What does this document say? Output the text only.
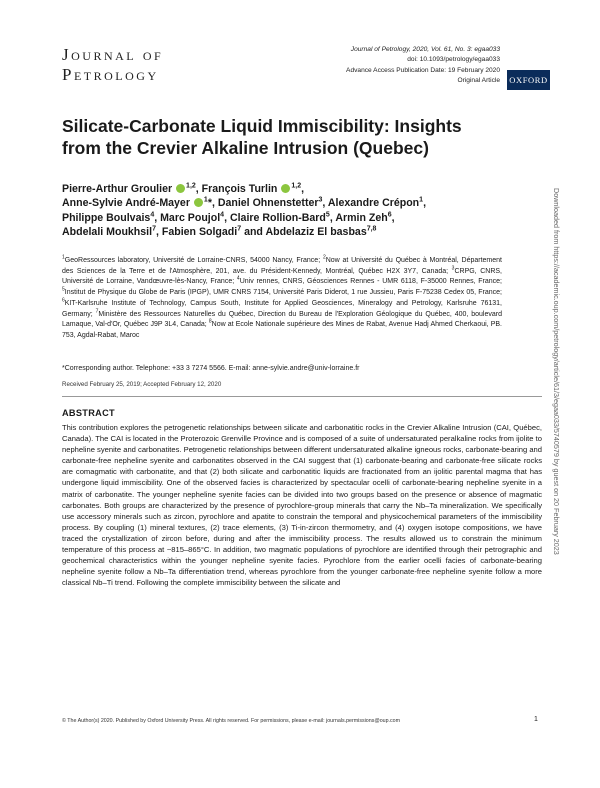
Journal of
Petrology
Journal of Petrology, 2020, Vol. 61, No. 3: egaa033
doi: 10.1093/petrology/egaa033
Advance Access Publication Date: 19 February 2020
Original Article OXFORD
Silicate-Carbonate Liquid Immiscibility: Insights from the Crevier Alkaline Intrusion (Quebec)
Pierre-Arthur Groulier $^{1,2}$, François Turlin $^{1,2}$,
Anne-Sylvie André-Mayer $^1$*, Daniel Ohnenstetter$^3$, Alexandre Crépon$^1$,
Philippe Boulvais$^4$, Marc Poujol$^4$, Claire Rollion-Bard$^5$, Armin Zeh$^6$,
Abdelali Moukhsil$^7$, Fabien Solgadi$^7$ and Abdelaziz El basbas$^{7,8}$
$^1$GeoRessources laboratory, Université de Lorraine-CNRS, 54000 Nancy, France; $^2$Now at Université du Québec à Montréal, Département des Sciences de la Terre et de l'Atmosphère, 201, ave. du Président-Kennedy, Montréal, Québec H2X 3Y7, Canada; $^3$CRPG, CNRS, Université de Lorraine, Vandœuvre-lès-Nancy, France; $^4$Univ rennes, CNRS, Géosciences Rennes - UMR 6118, F-35000 Rennes, France; $^5$Institut de Physique du Globe de Paris (IPGP), UMR CNRS 7154, Université Paris Diderot, 1 rue Jussieu, Paris F-75238 Cedex 05, France; $^6$KIT-Karlsruhe Institute of Technology, Campus South, Institute for Applied Geosciences, Mineralogy and Petrology, Karlsruhe 76131, Germany; $^7$Ministère des Ressources Naturelles du Québec, Direction du Bureau de l'Exploration Géologique du Québec, 400, boulevard Lamaque, Val-d'Or, Québec J9P 3L4, Canada; $^8$Now at Ecole Nationale supérieure des Mines de Rabat, Avenue Hadj Ahmed Cherkaoui, PB. 753, Agdal-Rabat, Maroc
*Corresponding author. Telephone: +33 3 7274 5566. E-mail: anne-sylvie.andre@univ-lorraine.fr
Received February 25, 2019; Accepted February 12, 2020
ABSTRACT
This contribution explores the petrogenetic relationships between silicate and carbonatitic rocks in the Crevier Alkaline Intrusion (CAI, Québec, Canada). The CAI is located in the Proterozoic Grenville Province and is composed of a suite of undersaturated peralkaline rocks from ijolite to nepheline syenite and carbonatites. Petrogenetic relationships between different undersaturated alkaline igneous rocks, carbonate-bearing and carbonate-free nepheline syenite and carbonatites observed in the CAI suggest that (1) carbonate-bearing and carbonate-free silicate rocks are comagmatic with carbonatite, and that (2) both silicate and carbonatitic liquids are fractionated from an ijolitic parental magma that has undergone liquid immiscibility. One of the observed facies is characterized by spectacular ocelli of carbonate-bearing nepheline syenite in a matrix of carbonatite. The younger nepheline syenite facies can be divided into two groups based on the presence or absence of magmatic carbonates. Both groups are characterized by the presence of pyrochlore-group minerals that carry the Nb–Ta mineralization. We specifically use accessory minerals such as zircon, pyrochlore and apatite to constrain the temporal and physicochemical parameters of the immiscibility process. By coupling (1) mineral textures, (2) trace elements, (3) Ti-in-zircon thermometry, and (4) oxygen isotope compositions, we have traced the crystallization of zircon before, during and after the immiscibility process. The results allowed us to constrain the minimum temperature of this process at ~815–865°C. In addition, two magmatic populations of pyrochlore are identified through their petrographic and geochemical characteristics within the younger nepheline syenite facies. Pyrochlore from the earlier ocelli facies of carbonate-bearing nepheline syenite follow a Nb–Ta differentiation trend, whereas pyrochlore from the younger carbonate-free nepheline syenite follow a more classical Nb–Ti trend. Following the complete immiscibility between the silicate and
© The Author(s) 2020. Published by Oxford University Press. All rights reserved. For permissions, please e-mail: journals.permissions@oup.com	1
Downloaded from https://academic.oup.com/petrology/article/61/3/egaa033/5740579 by guest on 20 February 2023
